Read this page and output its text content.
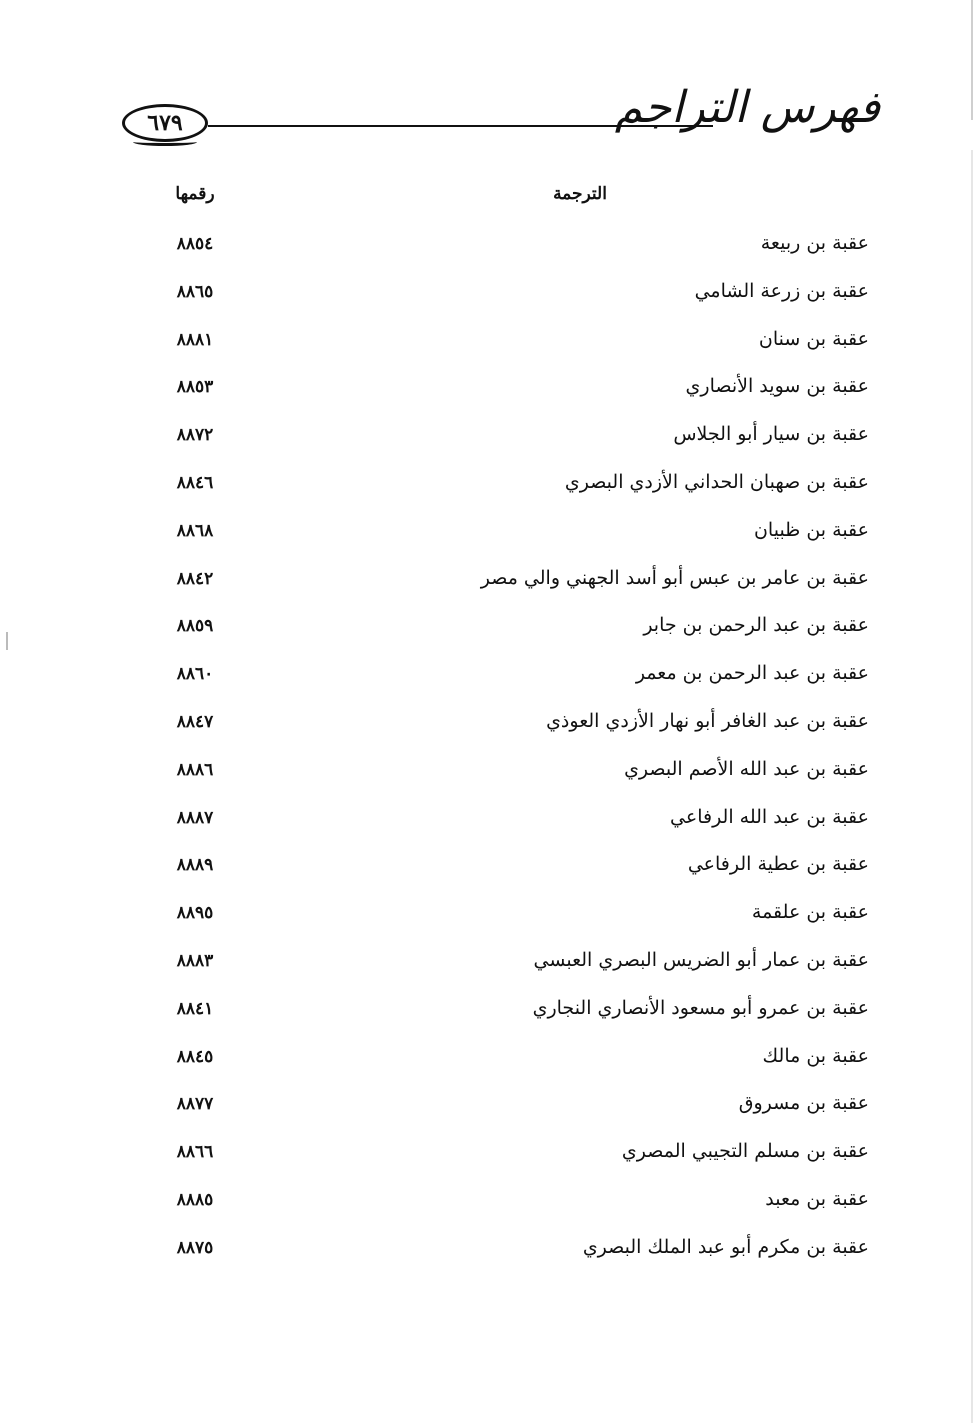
٦٧٩	فهرس التراجم
الترجمة
رقمها
عقبة بن ربيعة
٨٨٥٤
عقبة بن زرعة الشامي
٨٨٦٥
عقبة بن سنان
٨٨٨١
عقبة بن سويد الأنصاري
٨٨٥٣
عقبة بن سيار أبو الجلاس
٨٨٧٢
عقبة بن صهبان الحداني الأزدي البصري
٨٨٤٦
عقبة بن ظبيان
٨٨٦٨
عقبة بن عامر بن عبس أبو أسد الجهني والي مصر
٨٨٤٢
عقبة بن عبد الرحمن بن جابر
٨٨٥٩
عقبة بن عبد الرحمن بن معمر
٨٨٦٠
عقبة بن عبد الغافر أبو نهار الأزدي العوذي
٨٨٤٧
عقبة بن عبد الله الأصم البصري
٨٨٨٦
عقبة بن عبد الله الرفاعي
٨٨٨٧
عقبة بن عطية الرفاعي
٨٨٨٩
عقبة بن علقمة
٨٨٩٥
عقبة بن عمار أبو الضريس البصري العبسي
٨٨٨٣
عقبة بن عمرو أبو مسعود الأنصاري النجاري
٨٨٤١
عقبة بن مالك
٨٨٤٥
عقبة بن مسروق
٨٨٧٧
عقبة بن مسلم التجيبي المصري
٨٨٦٦
عقبة بن معبد
٨٨٨٥
عقبة بن مكرم أبو عبد الملك البصري
٨٨٧٥
